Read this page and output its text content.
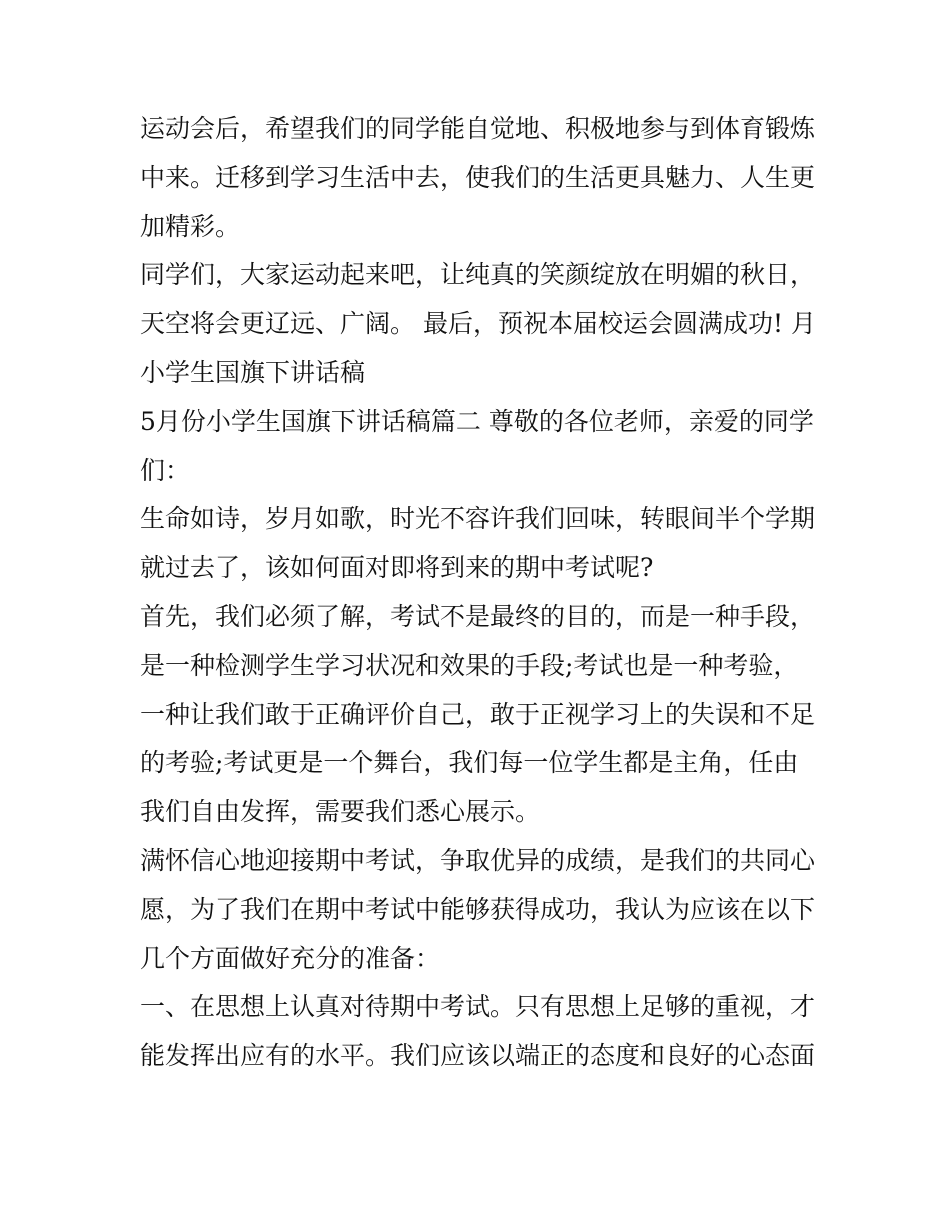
运动会后，希望我们的同学能自觉地、积极地参与到体育锻炼
中来。迁移到学习生活中去，使我们的生活更具魅力、人生更
加精彩。
同学们，大家运动起来吧，让纯真的笑颜绽放在明媚的秋日，
天空将会更辽远、广阔。 最后，预祝本届校运会圆满成功! 月
小学生国旗下讲话稿
5月份小学生国旗下讲话稿篇二 尊敬的各位老师，亲爱的同学
们：
生命如诗，岁月如歌，时光不容许我们回味，转眼间半个学期
就过去了，该如何面对即将到来的期中考试呢?
首先，我们必须了解，考试不是最终的目的，而是一种手段，
是一种检测学生学习状况和效果的手段;考试也是一种考验，
一种让我们敢于正确评价自己，敢于正视学习上的失误和不足
的考验;考试更是一个舞台，我们每一位学生都是主角，任由
我们自由发挥，需要我们悉心展示。
满怀信心地迎接期中考试，争取优异的成绩，是我们的共同心
愿，为了我们在期中考试中能够获得成功，我认为应该在以下
几个方面做好充分的准备：
一、在思想上认真对待期中考试。只有思想上足够的重视，才
能发挥出应有的水平。我们应该以端正的态度和良好的心态面
